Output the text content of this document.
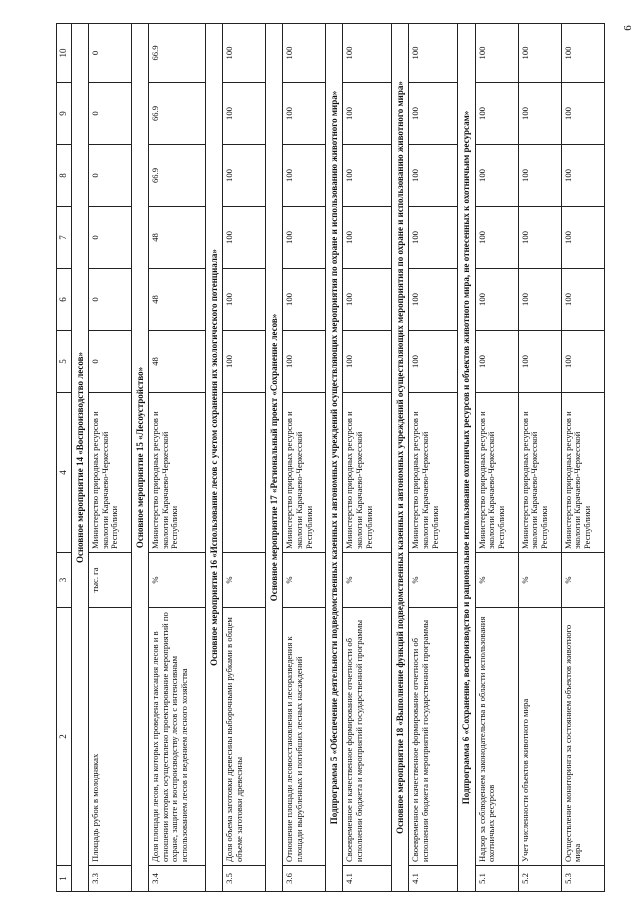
6
1	2	3	4	5	6	7	8	9	10
Основное мероприятие 14 «Воспроизводство лесов»									
3.3	Площадь рубок в молодняках	тыс. га	Министерство природных ресурсов и экологии Карачаево-Черкесской Республики	0	0	0	0	0	0
Основное мероприятие 15 «Лесоустройство»									
3.4	Доля площади лесов, на которых проведена таксация лесов и в отношении которых осуществлено проектирование мероприятий по охране, защите и воспроизводству лесов с интенсивным использованием лесов и ведением лесного хозяйства	%	Министерство природных ресурсов и экологии Карачаево-Черкесской Республики	48	48	48	66.9	66.9	66.9
Основное мероприятие 16 «Использование лесов с учетом сохранения их экологического потенциала»									
3.5	Доля объема заготовки древесины выборочными рубками в общем объеме заготовки древесины	%		100	100	100	100	100	100
Основное мероприятие 17 «Региональный проект «Сохранение лесов»									
3.6	Отношение площади лесовосстановления и лесоразведения к площади вырубленных и погибших лесных насаждений	%	Министерство природных ресурсов и экологии Карачаево-Черкесской Республики	100	100	100	100	100	100
Подпрограмма 5 «Обеспечение деятельности подведомственных казенных и автономных учреждений осуществляющих мероприятия по охране и использованию животного мира»									
4.1	Своевременное и качественное формирование отчетности об исполнении бюджета и мероприятий государственной программы	%	Министерство природных ресурсов и экологии Карачаево-Черкесской Республики	100	100	100	100	100	100
Основное мероприятие 18 «Выполнение функций подведомственных казенных и автономных учреждений осуществляющих мероприятия по охране и использованию животного мира»									
4.1	Своевременное и качественное формирование отчетности об исполнении бюджета и мероприятий государственной программы	%	Министерство природных ресурсов и экологии Карачаево-Черкесской Республики	100	100	100	100	100	100
Подпрограмма 6 «Сохранение, воспроизводство и рациональное использование охотничьих ресурсов и объектов животного мира, не отнесенных к охотничьим ресурсам»									
5.1	Надзор за соблюдением законодательства в области использования охотничьих ресурсов	%	Министерство природных ресурсов и экологии Карачаево-Черкесской Республики	100	100	100	100	100	100
5.2	Учет численности объектов животного мира	%	Министерство природных ресурсов и экологии Карачаево-Черкесской Республики	100	100	100	100	100	100
5.3	Осуществление мониторинга за состоянием объектов животного мира	%	Министерство природных ресурсов и экологии Карачаево-Черкесской Республики	100	100	100	100	100	100
